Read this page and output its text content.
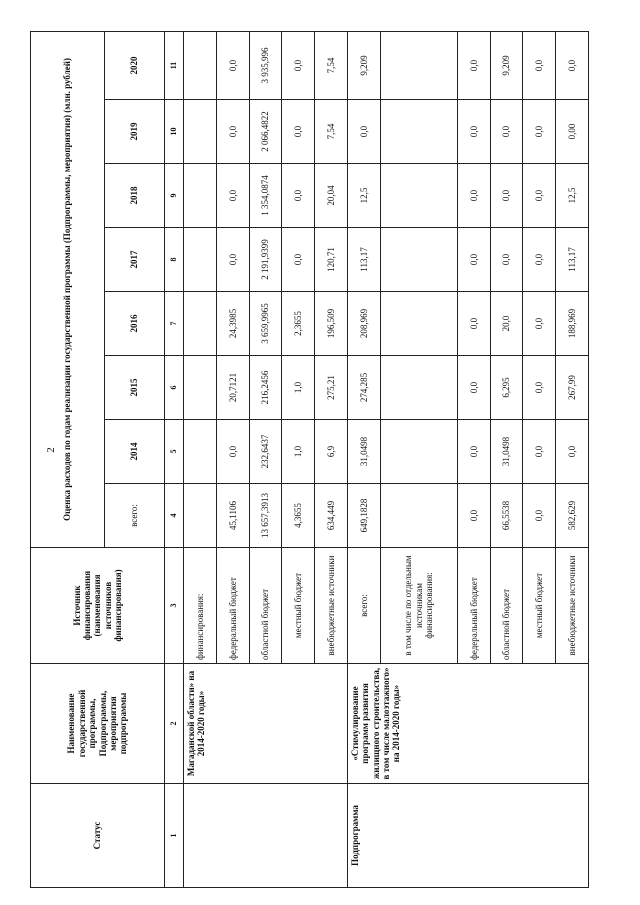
2
Статус	Наименование государственной программы, Подпрограммы, мероприятия подпрограммы	Источник финансирования (наименования источников финансирования)	Оценка расходов по годам реализации государственной программы (Подпрограммы, мероприятия) (млн. рублей)							
			всего:	2014	2015	2016	2017	2018	2019	2020
1	2	3	4	5	6	7	8	9	10	11
	Магаданской области» на 2014-2020 годы»	финансирования:								
		федеральный бюджет	45,1106	0,0	20,7121	24,3985	0,0	0,0	0,0	0,0
		областной бюджет	13 657,3913	232,6437	216,2456	3 659,9965	2 191,9399	1 354,0874	2 066,4822	3 935,996
		местный бюджет	4,3655	1,0	1,0	2,3655	0,0	0,0	0,0	0,0
		внебюджетные источники	634,449	6,9	275,21	196,509	120,71	20,04	7,54	7,54
Подпрограмма	«Стимулирование программ развития жилищного строительства, в том числе малоэтажного» на 2014-2020 годы»	всего:	649,1828	31,0498	274,285	208,969	113,17	12,5	0,0	9,209
		в том числе по отдельным источникам финансирования:								
		федеральный бюджет	0,0	0,0	0,0	0,0	0,0	0,0	0,0	0,0
		областной бюджет	66,5538	31,0498	6,295	20,0	0,0	0,0	0,0	9,209
		местный бюджет	0,0	0,0	0,0	0,0	0,0	0,0	0,0	0,0
		внебюджетные источники	582,629	0,0	267,99	188,969	113,17	12,5	0,00	0,0
